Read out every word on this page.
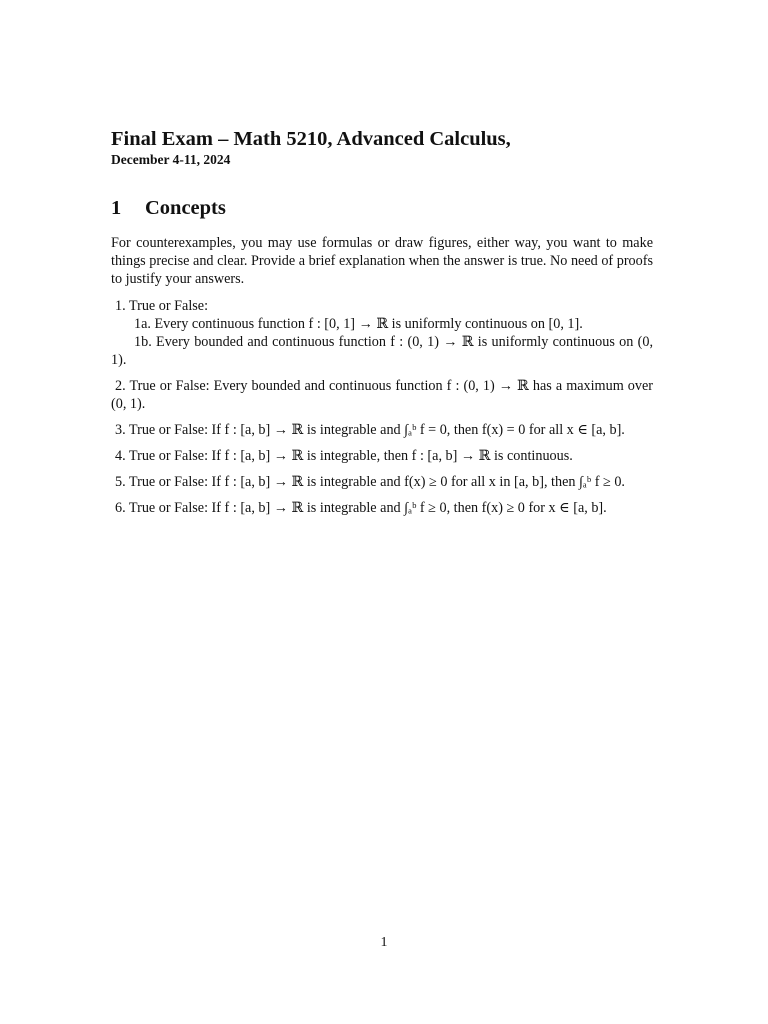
Final Exam – Math 5210, Advanced Calculus,

December 4-11, 2024

1 Concepts

For counterexamples, you may use formulas or draw figures, either way, you want to make things precise and clear. Provide a brief explanation when the answer is true. No need of proofs to justify your answers.

1. True or False:

1a. Every continuous function f : [0, 1] → ℝ is uniformly continuous on [0, 1].

1b. Every bounded and continuous function f : (0, 1) → ℝ is uniformly continuous on (0, 1).

2. True or False: Every bounded and continuous function f : (0, 1) → ℝ has a maximum over (0, 1).

3. True or False: If f : [a, b] → ℝ is integrable and ∫ₐᵇ f = 0, then f(x) = 0 for all x ∈ [a, b].

4. True or False: If f : [a, b] → ℝ is integrable, then f : [a, b] → ℝ is continuous.

5. True or False: If f : [a, b] → ℝ is integrable and f(x) ≥ 0 for all x in [a, b], then ∫ₐᵇ f ≥ 0.

6. True or False: If f : [a, b] → ℝ is integrable and ∫ₐᵇ f ≥ 0, then f(x) ≥ 0 for x ∈ [a, b].

1
